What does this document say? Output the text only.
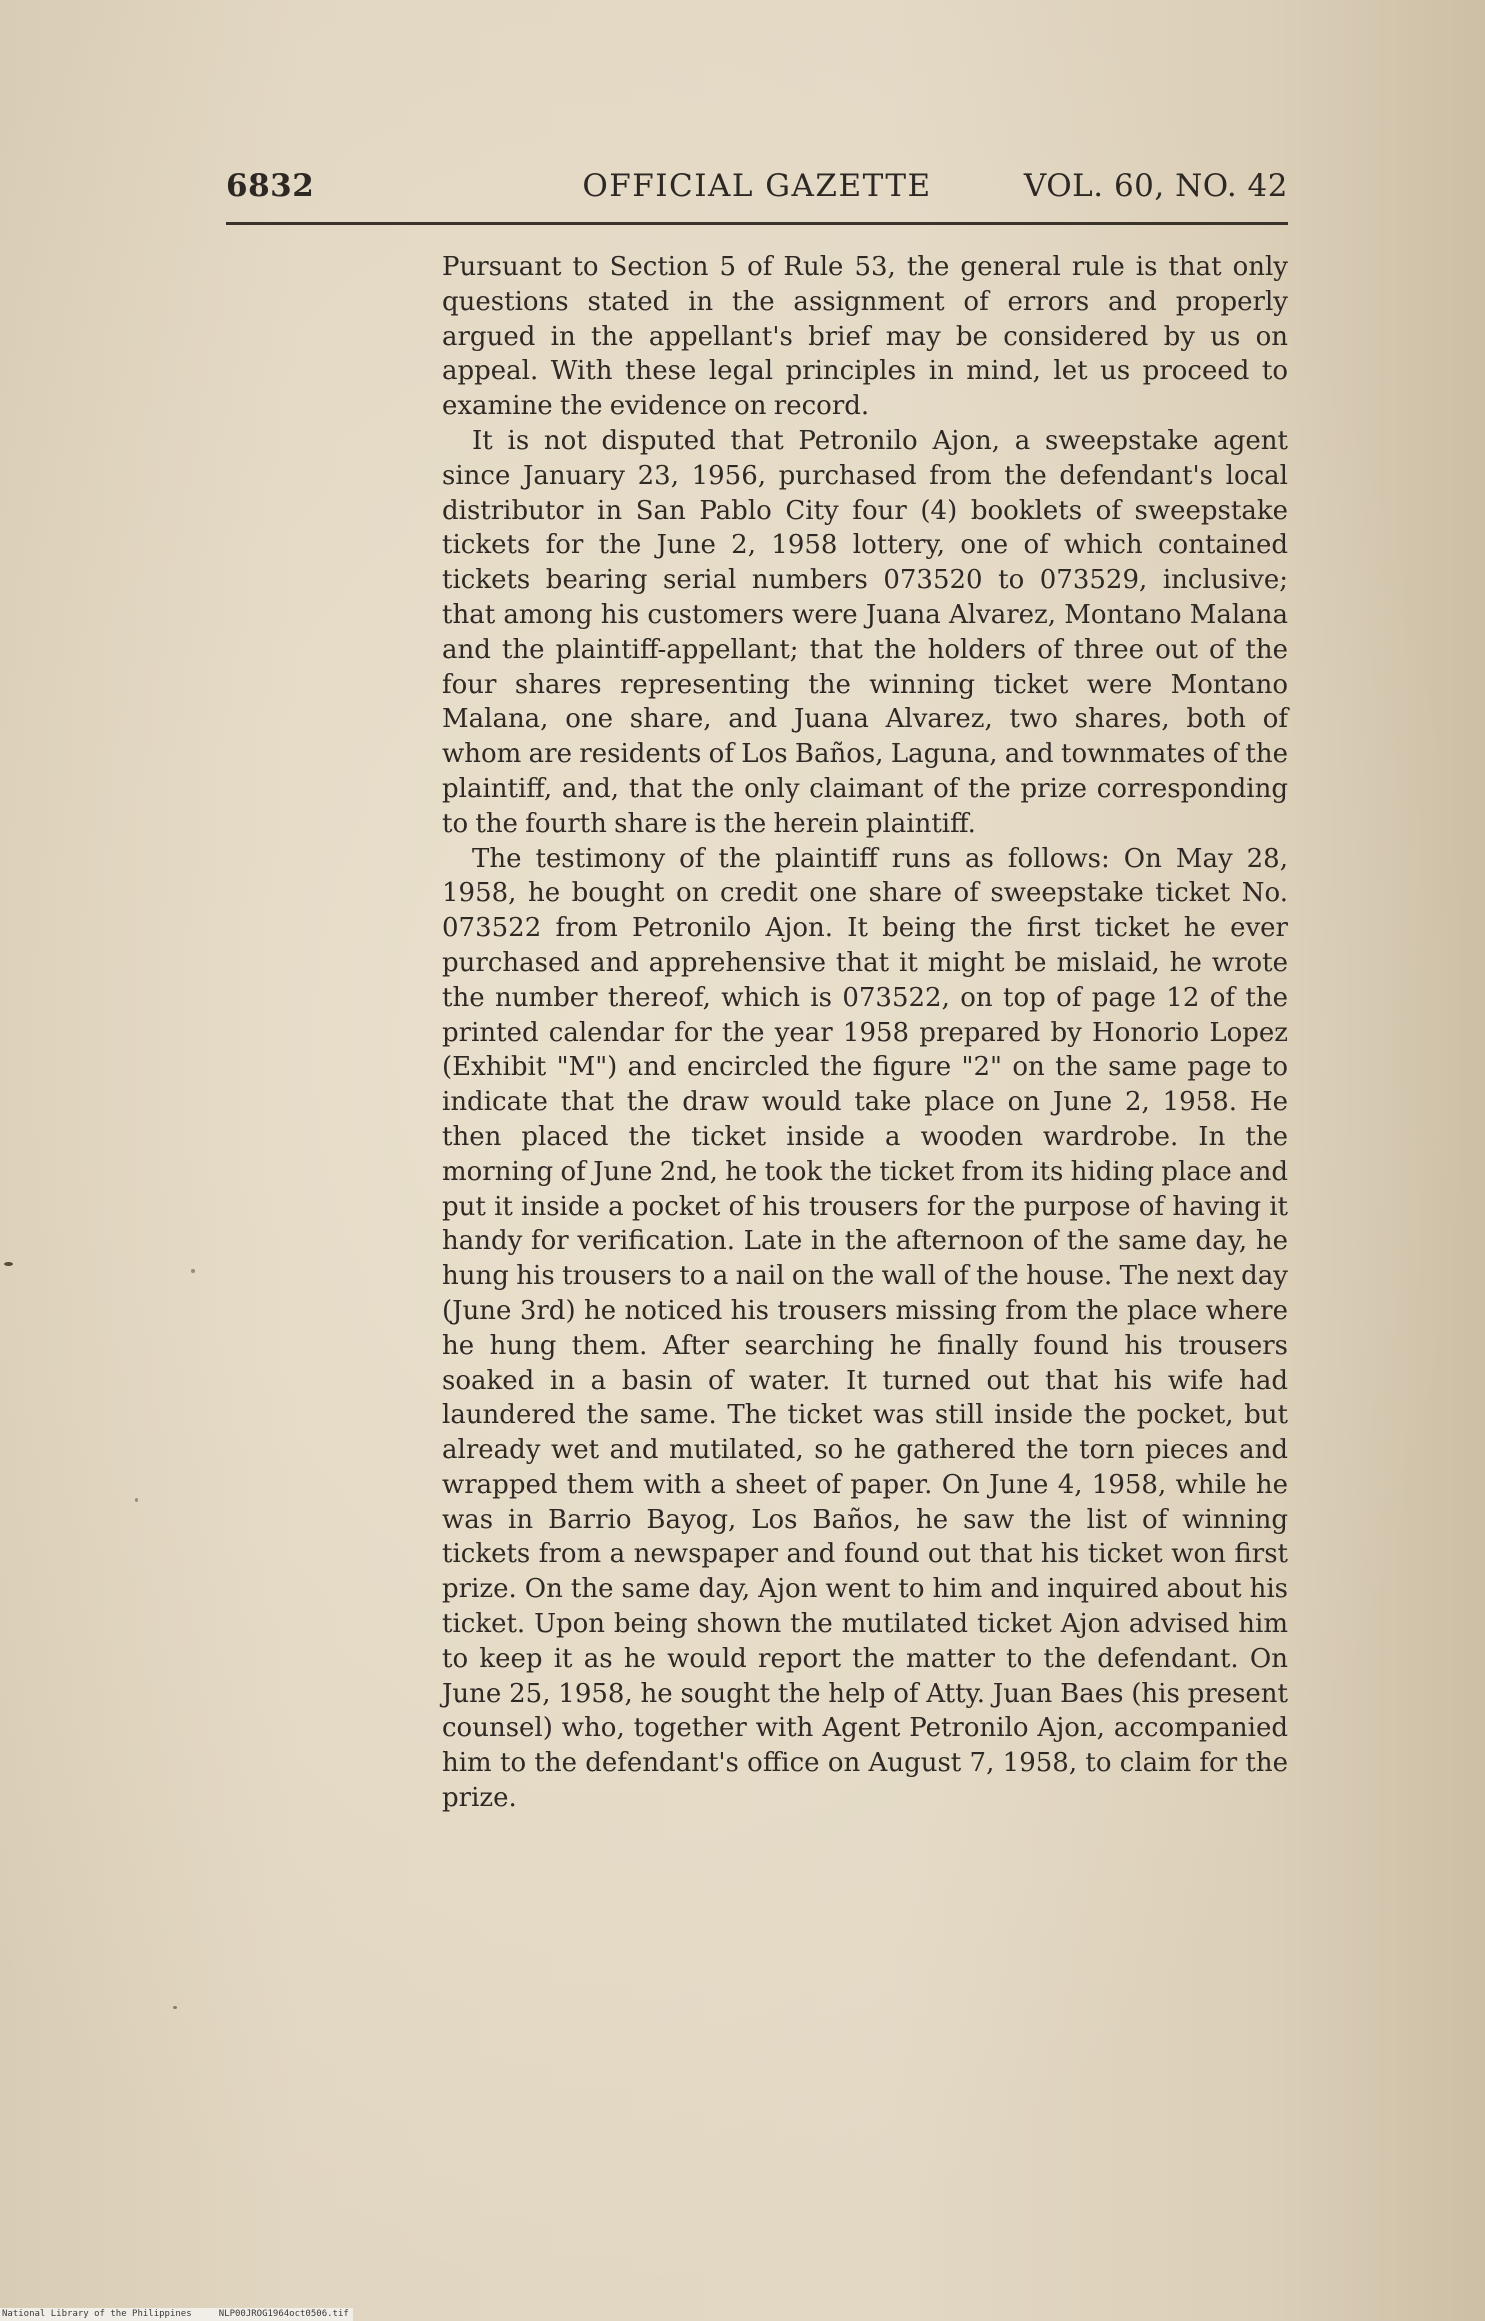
6832	OFFICIAL GAZETTE	VOL. 60, NO. 42

Pursuant to Section 5 of Rule 53, the general rule is that only questions stated in the assignment of errors and properly argued in the appellant's brief may be considered by us on appeal. With these legal principles in mind, let us proceed to examine the evidence on record.

It is not disputed that Petronilo Ajon, a sweepstake agent since January 23, 1956, purchased from the defendant's local distributor in San Pablo City four (4) booklets of sweepstake tickets for the June 2, 1958 lottery, one of which contained tickets bearing serial numbers 073520 to 073529, inclusive; that among his customers were Juana Alvarez, Montano Malana and the plaintiff-appellant; that the holders of three out of the four shares representing the winning ticket were Montano Malana, one share, and Juana Alvarez, two shares, both of whom are residents of Los Baños, Laguna, and townmates of the plaintiff, and, that the only claimant of the prize corresponding to the fourth share is the herein plaintiff.

The testimony of the plaintiff runs as follows: On May 28, 1958, he bought on credit one share of sweepstake ticket No. 073522 from Petronilo Ajon. It being the first ticket he ever purchased and apprehensive that it might be mislaid, he wrote the number thereof, which is 073522, on top of page 12 of the printed calendar for the year 1958 prepared by Honorio Lopez (Exhibit "M") and encircled the figure "2" on the same page to indicate that the draw would take place on June 2, 1958. He then placed the ticket inside a wooden wardrobe. In the morning of June 2nd, he took the ticket from its hiding place and put it inside a pocket of his trousers for the purpose of having it handy for verification. Late in the afternoon of the same day, he hung his trousers to a nail on the wall of the house. The next day (June 3rd) he noticed his trousers missing from the place where he hung them. After searching he finally found his trousers soaked in a basin of water. It turned out that his wife had laundered the same. The ticket was still inside the pocket, but already wet and mutilated, so he gathered the torn pieces and wrapped them with a sheet of paper. On June 4, 1958, while he was in Barrio Bayog, Los Baños, he saw the list of winning tickets from a newspaper and found out that his ticket won first prize. On the same day, Ajon went to him and inquired about his ticket. Upon being shown the mutilated ticket Ajon advised him to keep it as he would report the matter to the defendant. On June 25, 1958, he sought the help of Atty. Juan Baes (his present counsel) who, together with Agent Petronilo Ajon, accompanied him to the defendant's office on August 7, 1958, to claim for the prize.

National Library of the Philippines     NLP00JROG1964oct0506.tif
